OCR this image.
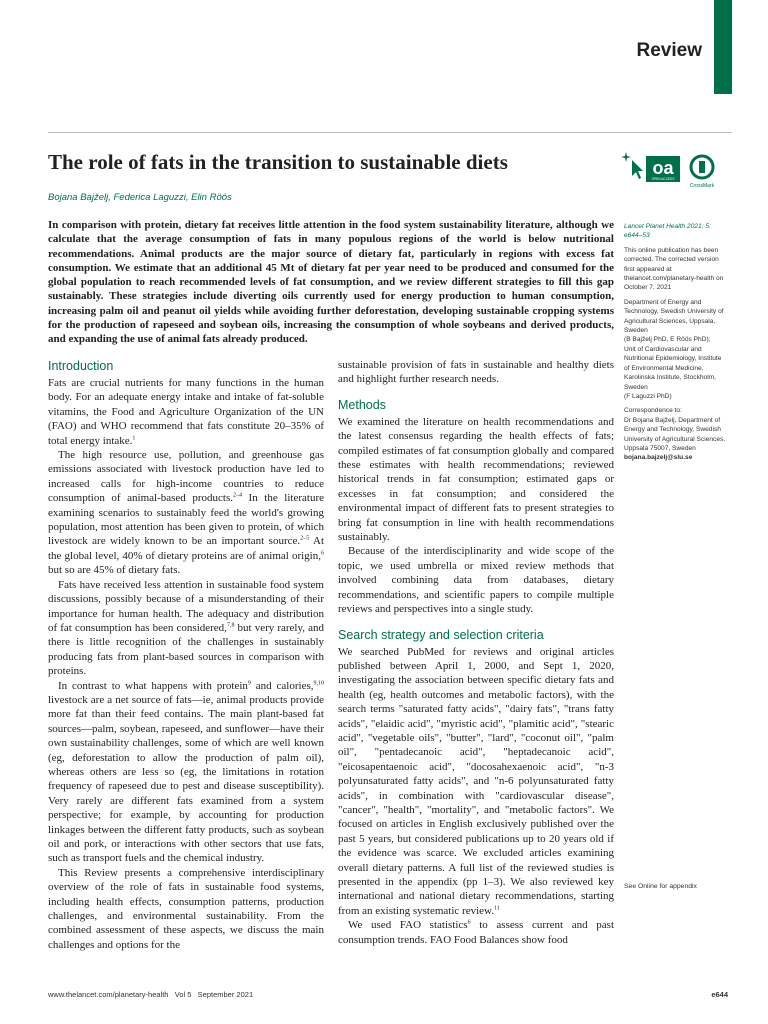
Review
The role of fats in the transition to sustainable diets
Bojana Bajželj, Federica Laguzzi, Elin Röös
oa
OPEN ACCESS
CrossMark
In comparison with protein, dietary fat receives little attention in the food system sustainability literature, although we calculate that the average consumption of fats in many populous regions of the world is below nutritional recommendations. Animal products are the major source of dietary fat, particularly in regions with excess fat consumption. We estimate that an additional 45 Mt of dietary fat per year need to be produced and consumed for the global population to reach recommended levels of fat consumption, and we review different strategies to fill this gap sustainably. These strategies include diverting oils currently used for energy production to human consumption, increasing palm oil and peanut oil yields while avoiding further deforestation, developing sustainable cropping systems for the production of rapeseed and soybean oils, increasing the consumption of whole soybeans and derived products, and expanding the use of animal fats already produced.
Introduction

Fats are crucial nutrients for many functions in the human body. For an adequate energy intake and intake of fat-soluble vitamins, the Food and Agriculture Organization of the UN (FAO) and WHO recommend that fats constitute 20–35% of total energy intake.$^1$

The high resource use, pollution, and greenhouse gas emissions associated with livestock production have led to increased calls for high-income countries to reduce consumption of animal-based products.$^{2-4}$ In the literature examining scenarios to sustainably feed the world's growing population, most attention has been given to protein, of which livestock are widely known to be an important source.$^{2-5}$ At the global level, 40% of dietary proteins are of animal origin,$^6$ but so are 45% of dietary fats.

Fats have received less attention in sustainable food system discussions, possibly because of a misunderstanding of their importance for human health. The adequacy and distribution of fat consumption has been considered,$^{7,8}$ but very rarely, and there is little recognition of the challenges in sustainably producing fats from plant-based sources in comparison with proteins.

In contrast to what happens with protein$^9$ and calories,$^{9,10}$ livestock are a net source of fats—ie, animal products provide more fat than their feed contains. The main plant-based fat sources—palm, soybean, rapeseed, and sunflower—have their own sustainability challenges, some of which are well known (eg, deforestation to allow the production of palm oil), whereas others are less so (eg, the limitations in rotation frequency of rapeseed due to pest and disease susceptibility). Very rarely are different fats examined from a system perspective; for example, by accounting for production linkages between the different fatty products, such as soybean oil and pork, or interactions with other sectors that use fats, such as transport fuels and the chemical industry.

This Review presents a comprehensive interdisciplinary overview of the role of fats in sustainable food systems, including health effects, consumption patterns, production challenges, and environmental sustainability. From the combined assessment of these aspects, we discuss the main challenges and options for the

sustainable provision of fats in sustainable and healthy diets and highlight further research needs.

Methods

We examined the literature on health recommendations and the latest consensus regarding the health effects of fats; compiled estimates of fat consumption globally and compared these estimates with health recommendations; reviewed historical trends in fat consumption; estimated gaps or excesses in fat consumption; and considered the environmental impact of different fats to present strategies to bring fat consumption in line with health recommendations sustainably.

Because of the interdisciplinarity and wide scope of the topic, we used umbrella or mixed review methods that involved combining data from databases, dietary recommendations, and scientific papers to compile multiple reviews and perspectives into a single study.

Search strategy and selection criteria

We searched PubMed for reviews and original articles published between April 1, 2000, and Sept 1, 2020, investigating the association between specific dietary fats and health (eg, health outcomes and metabolic factors), with the search terms "saturated fatty acids", "dairy fats", "trans fatty acids", "elaidic acid", "myristic acid", "plamitic acid", "stearic acid", "vegetable oils", "butter", "lard", "coconut oil", "palm oil", "pentadecanoic acid", "heptadecanoic acid", "eicosapentaenoic acid", "docosahexaenoic acid", "n-3 polyunsaturated fatty acids", and "n-6 polyunsaturated fatty acids", in combination with "cardiovascular disease", "cancer", "health", "mortality", and "metabolic factors". We focused on articles in English exclusively published over the past 5 years, but considered publications up to 20 years old if the evidence was scarce. We excluded articles examining overall dietary patterns. A full list of the reviewed studies is presented in the appendix (pp 1–3). We also reviewed key international and national dietary recommendations, starting from an existing systematic review.$^{11}$

We used FAO statistics$^6$ to assess current and past consumption trends. FAO Food Balances show food

Lancet Planet Health 2021; 5: e644–53
This online publication has been corrected. The corrected version first appeared at thelancet.com/planetary-health on October 7, 2021
Department of Energy and Technology, Swedish University of Agricultural Sciences, Uppsala, Sweden
(B Bajželj PhD, E Röös PhD);
Unit of Cardiovascular and Nutritional Epidemiology, Institute of Environmental Medicine, Karolinska Institute, Stockholm, Sweden
(F Laguzzi PhD)
Correspondence to:
Dr Bojana Bajželj, Department of Energy and Technology, Swedish University of Agricultural Sciences, Uppsala 75007, Sweden
bojana.bajzelj@slu.se
See Online for appendix
www.thelancet.com/planetary-health   Vol 5   September 2021	e644
